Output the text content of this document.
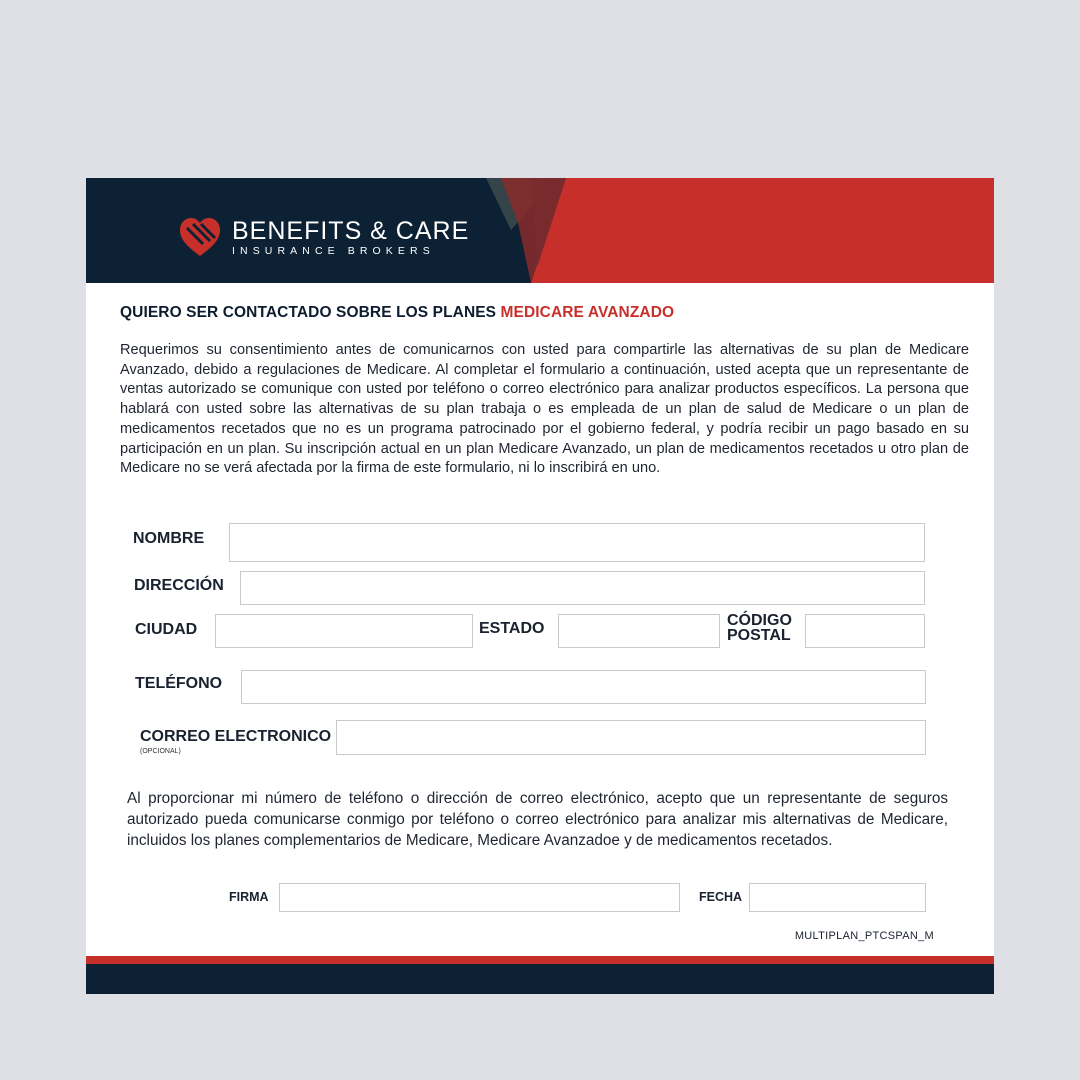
BENEFITS & CARE
INSURANCE BROKERS
QUIERO SER CONTACTADO SOBRE LOS PLANES MEDICARE AVANZADO

Requerimos su consentimiento antes de comunicarnos con usted para compartirle las alternativas de su plan de Medicare Avanzado, debido a regulaciones de Medicare. Al completar el formulario a continuación, usted acepta que un representante de ventas autorizado se comunique con usted por teléfono o correo electrónico para analizar productos específicos. La persona que hablará con usted sobre las alternativas de su plan trabaja o es empleada de un plan de salud de Medicare o un plan de medicamentos recetados que no es un programa patrocinado por el gobierno federal, y podría recibir un pago basado en su participación en un plan. Su inscripción actual en un plan Medicare Avanzado, un plan de medicamentos recetados u otro plan de Medicare no se verá afectada por la firma de este formulario, ni lo inscribirá en uno.

NOMBRE
DIRECCIÓN
CIUDAD	ESTADO	CÓDIGO
POSTAL
TELÉFONO
CORREO ELECTRONICO
(OPCIONAL)

Al proporcionar mi número de teléfono o dirección de correo electrónico, acepto que un representante de seguros autorizado pueda comunicarse conmigo por teléfono o correo electrónico para analizar mis alternativas de Medicare, incluidos los planes complementarios de Medicare, Medicare Avanzadoe y de medicamentos recetados.

FIRMA	FECHA
MULTIPLAN_PTCSPAN_M
